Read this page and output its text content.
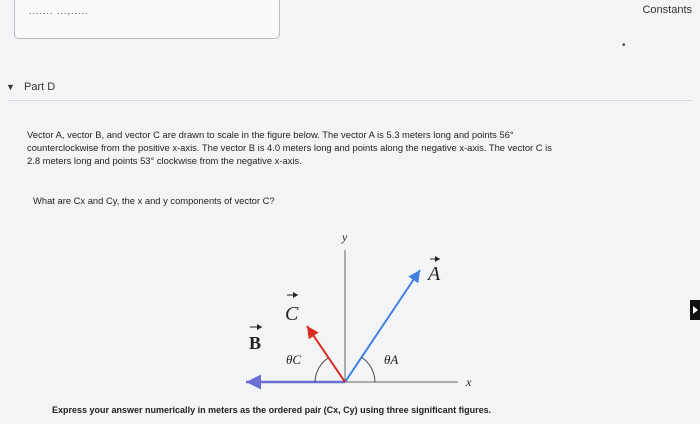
Constants
....... ...,.....
•
▼ Part D

Vector A, vector B, and vector C are drawn to scale in the figure below. The vector A is 5.3 meters long and points 56°

counterclockwise from the positive x-axis. The vector B is 4.0 meters long and points along the negative x-axis. The vector C is

2.8 meters long and points 53° clockwise from the negative x-axis.

What are Cx and Cy, the x and y components of vector C?
y
x
A
B
C
θA
θC
Express your answer numerically in meters as the ordered pair (Cx, Cy) using three significant figures.
